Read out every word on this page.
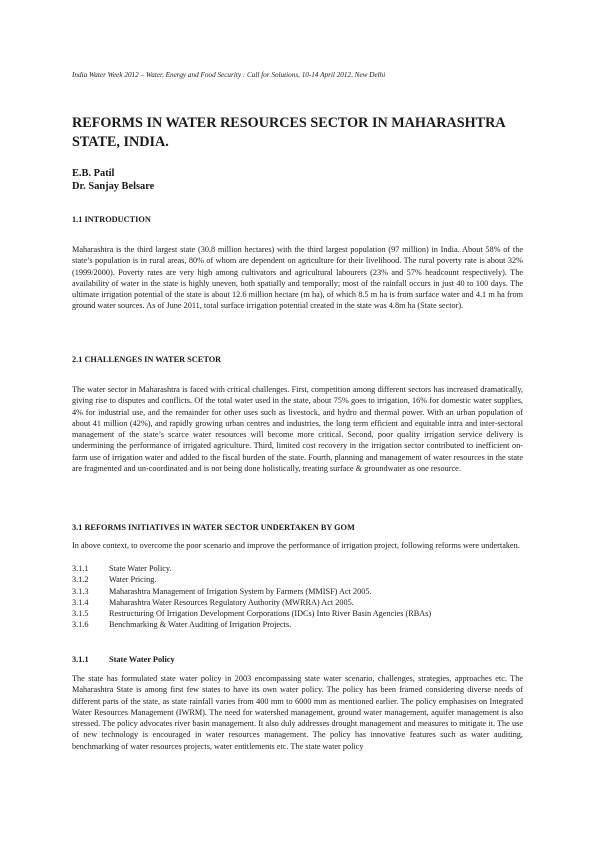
India Water Week 2012 – Water, Energy and Food Security : Call for Solutions, 10-14 April 2012, New Delhi
REFORMS IN WATER RESOURCES SECTOR IN MAHARASHTRA STATE, INDIA.
E.B. Patil
Dr. Sanjay Belsare
1.1 INTRODUCTION

Maharashtra is the third largest state (30.8 million hectares) with the third largest population (97 million) in India. About 58% of the state’s population is in rural areas, 80% of whom are dependent on agriculture for their livelihood. The rural poverty rate is about 32% (1999/2000). Poverty rates are very high among cultivators and agricultural labourers (23% and 57% headcount respectively). The availability of water in the state is highly uneven, both spatially and temporally; most of the rainfall occurs in just 40 to 100 days. The ultimate irrigation potential of the state is about 12.6 million hectare (m ha), of which 8.5 m ha is from surface water and 4.1 m ha from ground water sources. As of June 2011, total surface irrigation potential created in the state was 4.8m ha (State sector).

2.1 CHALLENGES IN WATER SCETOR

The water sector in Maharashtra is faced with critical challenges. First, competition among different sectors has increased dramatically, giving rise to disputes and conflicts. Of the total water used in the state, about 75% goes to irrigation, 16% for domestic water supplies, 4% for industrial use, and the remainder for other uses such as livestock, and hydro and thermal power. With an urban population of about 41 million (42%), and rapidly growing urban centres and industries, the long term efficient and equitable intra and inter-sectoral management of the state’s scarce water resources will become more critical. Second, poor quality irrigation service delivery is undermining the performance of irrigated agriculture. Third, limited cost recovery in the irrigation sector contributed to inefficient on-farm use of irrigation water and added to the fiscal burden of the state. Fourth, planning and management of water resources in the state are fragmented and un-coordinated and is not being done holistically, treating surface & groundwater as one resource.

3.1 REFORMS INITIATIVES IN WATER SECTOR UNDERTAKEN BY GOM

In above context, to overcome the poor scenario and improve the performance of irrigation project, following reforms were undertaken.

3.1.1	State Water Policy.
3.1.2	Water Pricing.
3.1.3	Maharashtra Management of Irrigation System by Farmers (MMISF) Act 2005.
3.1.4	Maharashtra Water Resources Regulatory Authority (MWRRA) Act 2005.
3.1.5	Restructuring Of Irrigation Development Corporations (IDCs) Into River Basin Agencies (RBAs)
3.1.6	Benchmarking & Water Auditing of Irrigation Projects.
3.1.1 State Water Policy

The state has formulated state water policy in 2003 encompassing state water scenario, challenges, strategies, approaches etc. The Maharashtra State is among first few states to have its own water policy. The policy has been framed considering diverse needs of different parts of the state, as state rainfall varies from 400 mm to 6000 mm as mentioned earlier. The policy emphasises on Integrated Water Resources Management (IWRM). The need for watershed management, ground water management, aquifer management is also stressed. The policy advocates river basin management. It also duly addresses drought management and measures to mitigate it. The use of new technology is encouraged in water resources management. The policy has innovative features such as water auditing, benchmarking of water resources projects, water entitlements etc. The state water policy
